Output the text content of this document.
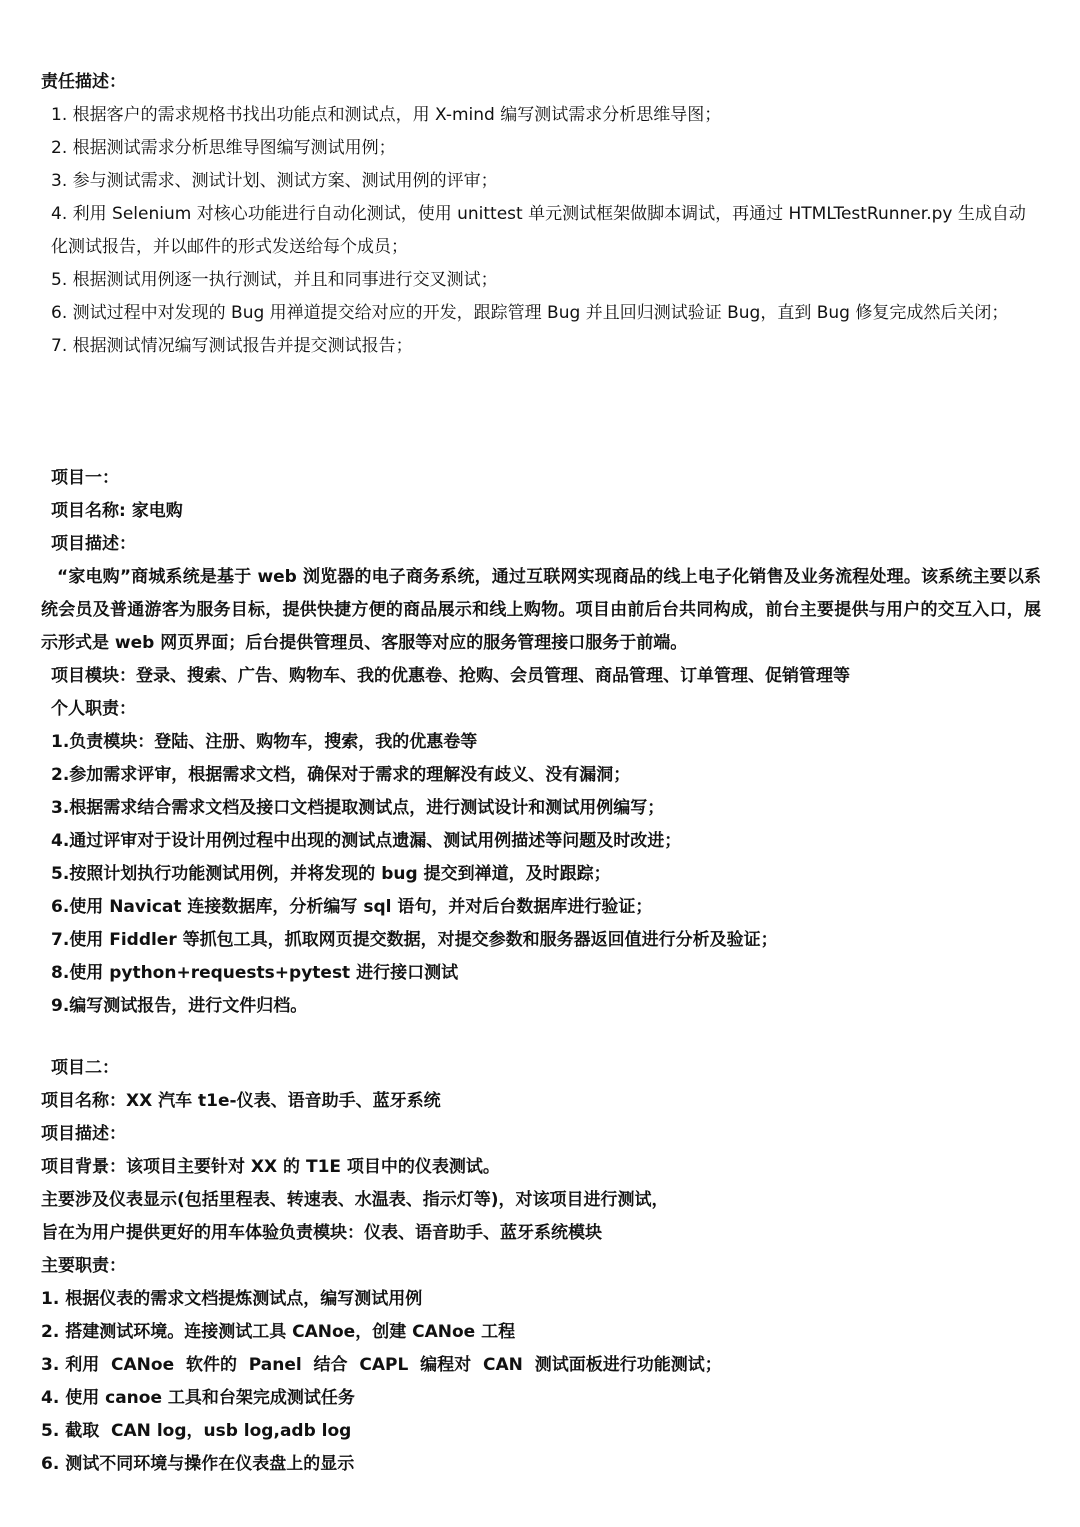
责任描述：
1. 根据客户的需求规格书找出功能点和测试点，用 X-mind 编写测试需求分析思维导图；
2. 根据测试需求分析思维导图编写测试用例；
3. 参与测试需求、测试计划、测试方案、测试用例的评审；
4. 利用 Selenium 对核心功能进行自动化测试，使用 unittest 单元测试框架做脚本调试，再通过 HTMLTestRunner.py 生成自动化测试报告，并以邮件的形式发送给每个成员；
5. 根据测试用例逐一执行测试，并且和同事进行交叉测试；
6. 测试过程中对发现的 Bug 用禅道提交给对应的开发，跟踪管理 Bug 并且回归测试验证 Bug，直到 Bug 修复完成然后关闭；
7. 根据测试情况编写测试报告并提交测试报告；
项目一：
项目名称: 家电购
项目描述：
“家电购”商城系统是基于 web 浏览器的电子商务系统，通过互联网实现商品的线上电子化销售及业务流程处理。该系统主要以系统会员及普通游客为服务目标，提供快捷方便的商品展示和线上购物。项目由前后台共同构成，前台主要提供与用户的交互入口，展示形式是 web 网页界面；后台提供管理员、客服等对应的服务管理接口服务于前端。
项目模块：登录、搜索、广告、购物车、我的优惠卷、抢购、会员管理、商品管理、订单管理、促销管理等
个人职责：
1.负责模块：登陆、注册、购物车，搜索，我的优惠卷等
2.参加需求评审，根据需求文档，确保对于需求的理解没有歧义、没有漏洞；
3.根据需求结合需求文档及接口文档提取测试点，进行测试设计和测试用例编写；
4.通过评审对于设计用例过程中出现的测试点遗漏、测试用例描述等问题及时改进；
5.按照计划执行功能测试用例，并将发现的 bug 提交到禅道，及时跟踪；
6.使用 Navicat 连接数据库，分析编写 sql 语句，并对后台数据库进行验证；
7.使用 Fiddler 等抓包工具，抓取网页提交数据，对提交参数和服务器返回值进行分析及验证；
8.使用 python+requests+pytest 进行接口测试
9.编写测试报告，进行文件归档。
项目二：
项目名称：XX 汽车 t1e-仪表、语音助手、蓝牙系统
项目描述：
项目背景：该项目主要针对 XX 的 T1E 项目中的仪表测试。
主要涉及仪表显示(包括里程表、转速表、水温表、指示灯等)，对该项目进行测试，
旨在为用户提供更好的用车体验负责模块：仪表、语音助手、蓝牙系统模块
主要职责：
1. 根据仪表的需求文档提炼测试点，编写测试用例
2. 搭建测试环境。连接测试工具 CANoe，创建 CANoe 工程
3. 利用  CANoe  软件的  Panel  结合  CAPL  编程对  CAN  测试面板进行功能测试；
4. 使用 canoe 工具和台架完成测试任务
5. 截取  CAN log，usb log,adb log
6. 测试不同环境与操作在仪表盘上的显示
